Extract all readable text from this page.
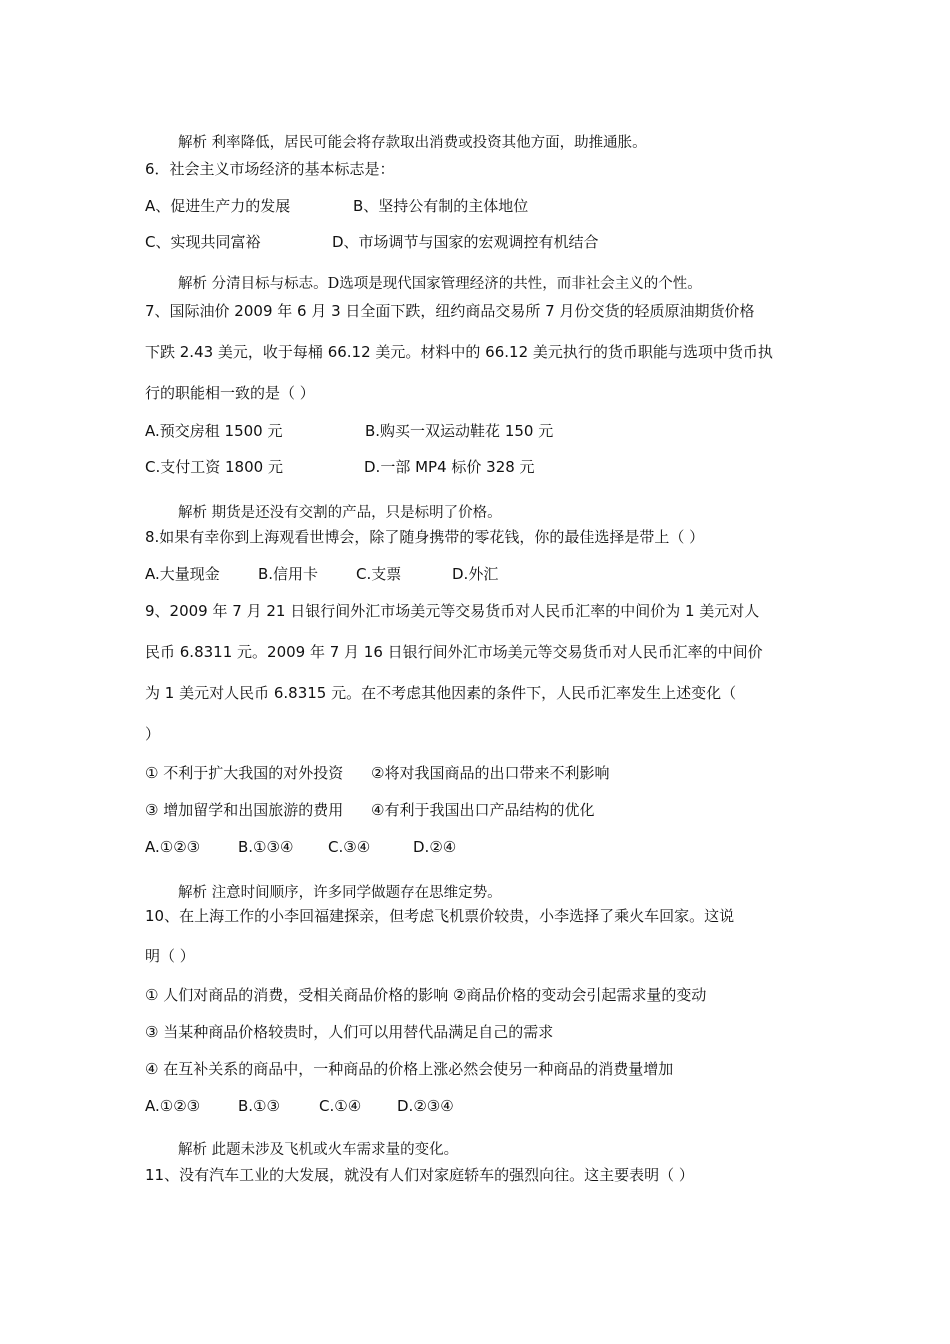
解析 利率降低，居民可能会将存款取出消费或投资其他方面，助推通胀。
6．社会主义市场经济的基本标志是：
A、促进生产力的发展	B、坚持公有制的主体地位
C、实现共同富裕	D、市场调节与国家的宏观调控有机结合
解析 分清目标与标志。D选项是现代国家管理经济的共性，而非社会主义的个性。
7、国际油价 2009 年 6 月 3 日全面下跌，纽约商品交易所 7 月份交货的轻质原油期货价格
下跌 2.43 美元，收于每桶 66.12 美元。材料中的 66.12 美元执行的货币职能与选项中货币执
行的职能相一致的是（ ）
A.预交房租 1500 元	B.购买一双运动鞋花 150 元
C.支付工资 1800 元	D.一部 MP4 标价 328 元
解析 期货是还没有交割的产品，只是标明了价格。
8.如果有幸你到上海观看世博会，除了随身携带的零花钱，你的最佳选择是带上（ ）
A.大量现金	B.信用卡	C.支票	D.外汇
9、2009 年 7 月 21 日银行间外汇市场美元等交易货币对人民币汇率的中间价为 1 美元对人
民币 6.8311 元。2009 年 7 月 16 日银行间外汇市场美元等交易货币对人民币汇率的中间价
为 1 美元对人民币 6.8315 元。在不考虑其他因素的条件下，人民币汇率发生上述变化（
）
① 不利于扩大我国的对外投资 ②将对我国商品的出口带来不利影响
③ 增加留学和出国旅游的费用 ④有利于我国出口产品结构的优化
A.①②③	B.①③④ C.③④	D.②④
解析 注意时间顺序，许多同学做题存在思维定势。
10、在上海工作的小李回福建探亲，但考虑飞机票价较贵，小李选择了乘火车回家。这说
明（ ）
① 人们对商品的消费，受相关商品价格的影响 ②商品价格的变动会引起需求量的变动
③ 当某种商品价格较贵时，人们可以用替代品满足自己的需求
④ 在互补关系的商品中，一种商品的价格上涨必然会使另一种商品的消费量增加
A.①②③	B.①③	C.①④ D.②③④
解析 此题未涉及飞机或火车需求量的变化。
11、没有汽车工业的大发展，就没有人们对家庭轿车的强烈向往。这主要表明（ ）
